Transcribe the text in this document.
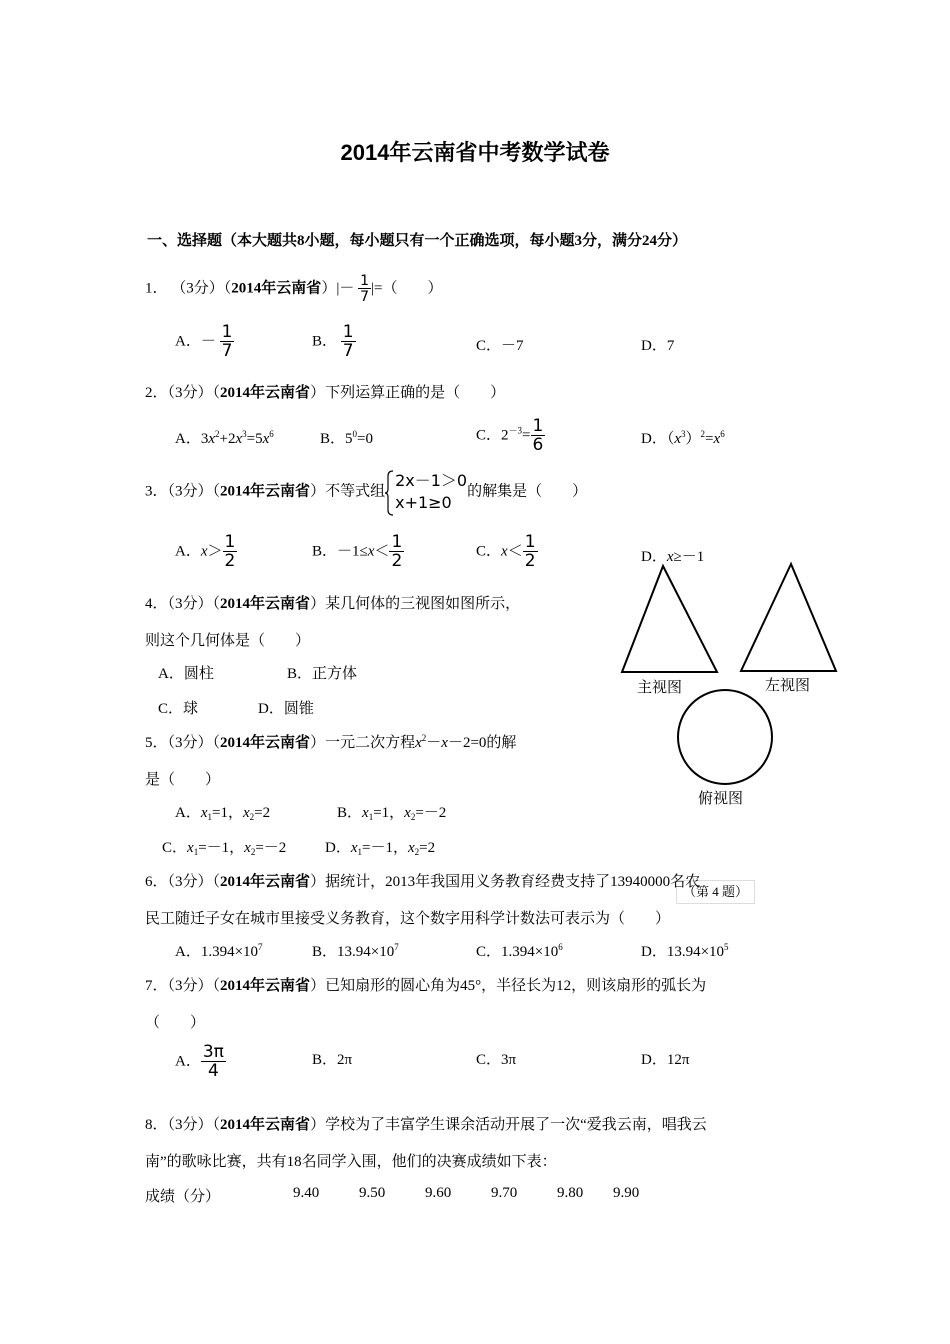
2014年云南省中考数学试卷
一、选择题（本大题共8小题，每小题只有一个正确选项，每小题3分，满分24分）
1． （3分）（2014年云南省）|－ $\frac{1}{7}$ |=（　　）
A．－ $\frac{1}{7}$	B． $\frac{1}{7}$	C．－7	D．7
2．（3分）（2014年云南省）下列运算正确的是（　　）
A．$3x^2+2x^3=5x^6$	B．$5^0=0$	C．$2^{-3}= \frac{1}{6}$	D．$(x^3)^2=x^6$
3．（3分）（2014年云南省）不等式组
2x－1＞0
x+1≥0
的解集是（　　）
A．$x> \frac{1}{2}$	B．$-1\le x< \frac{1}{2}$	C．$x< \frac{1}{2}$	D．x≥－1
4．（3分）（2014年云南省）某几何体的三视图如图所示，
则这个几何体是（　　）
A．圆柱	B．正方体
C．球	D．圆锥
主视图	左视图
俯视图
（第 4 题）
5．（3分）（2014年云南省）一元二次方程$x^2-x-2=0$的解
是（　　）
A．$x_1=1$，$x_2=2$	B．$x_1=1$，$x_2=-2$
C．$x_1=-1$，$x_2=-2$	D．$x_1=-1$，$x_2=2$
6．（3分）（2014年云南省）据统计，2013年我国用义务教育经费支持了13940000名农
民工随迁子女在城市里接受义务教育，这个数字用科学计数法可表示为（　　）
A．$1.394\times 10^7$	B．$13.94\times 10^7$	C．$1.394\times 10^6$	D．$13.94\times 10^5$
7．（3分）（2014年云南省）已知扇形的圆心角为45°，半径长为12，则该扇形的弧长为
（　　）
A． $\frac{3\pi}{4}$	B．2π	C．3π	D．12π
8．（3分）（2014年云南省）学校为了丰富学生课余活动开展了一次“爱我云南，唱我云
南”的歌咏比赛，共有18名同学入围，他们的决赛成绩如下表：
成绩（分）	9.40	9.50	9.60	9.70	9.80 9.90
